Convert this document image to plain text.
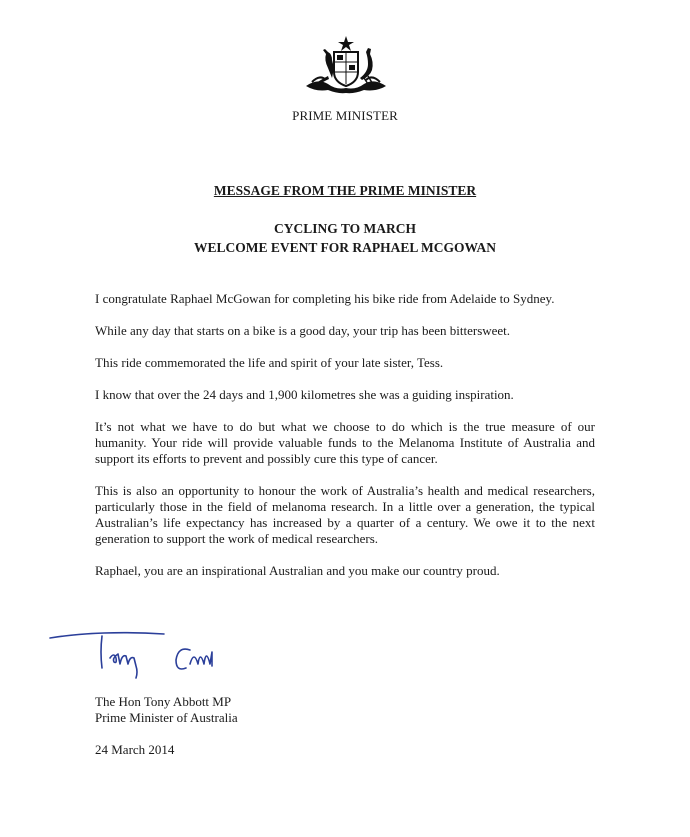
PRIME MINISTER
MESSAGE FROM THE PRIME MINISTER
CYCLING TO MARCH
WELCOME EVENT FOR RAPHAEL MCGOWAN

I congratulate Raphael McGowan for completing his bike ride from Adelaide to Sydney.

While any day that starts on a bike is a good day, your trip has been bittersweet.

This ride commemorated the life and spirit of your late sister, Tess.

I know that over the 24 days and 1,900 kilometres she was a guiding inspiration.

It’s not what we have to do but what we choose to do which is the true measure of our humanity. Your ride will provide valuable funds to the Melanoma Institute of Australia and support its efforts to prevent and possibly cure this type of cancer.

This is also an opportunity to honour the work of Australia’s health and medical researchers, particularly those in the field of melanoma research. In a little over a generation, the typical Australian’s life expectancy has increased by a quarter of a century. We owe it to the next generation to support the work of medical researchers.

Raphael, you are an inspirational Australian and you make our country proud.

The Hon Tony Abbott MP
Prime Minister of Australia
24 March 2014
